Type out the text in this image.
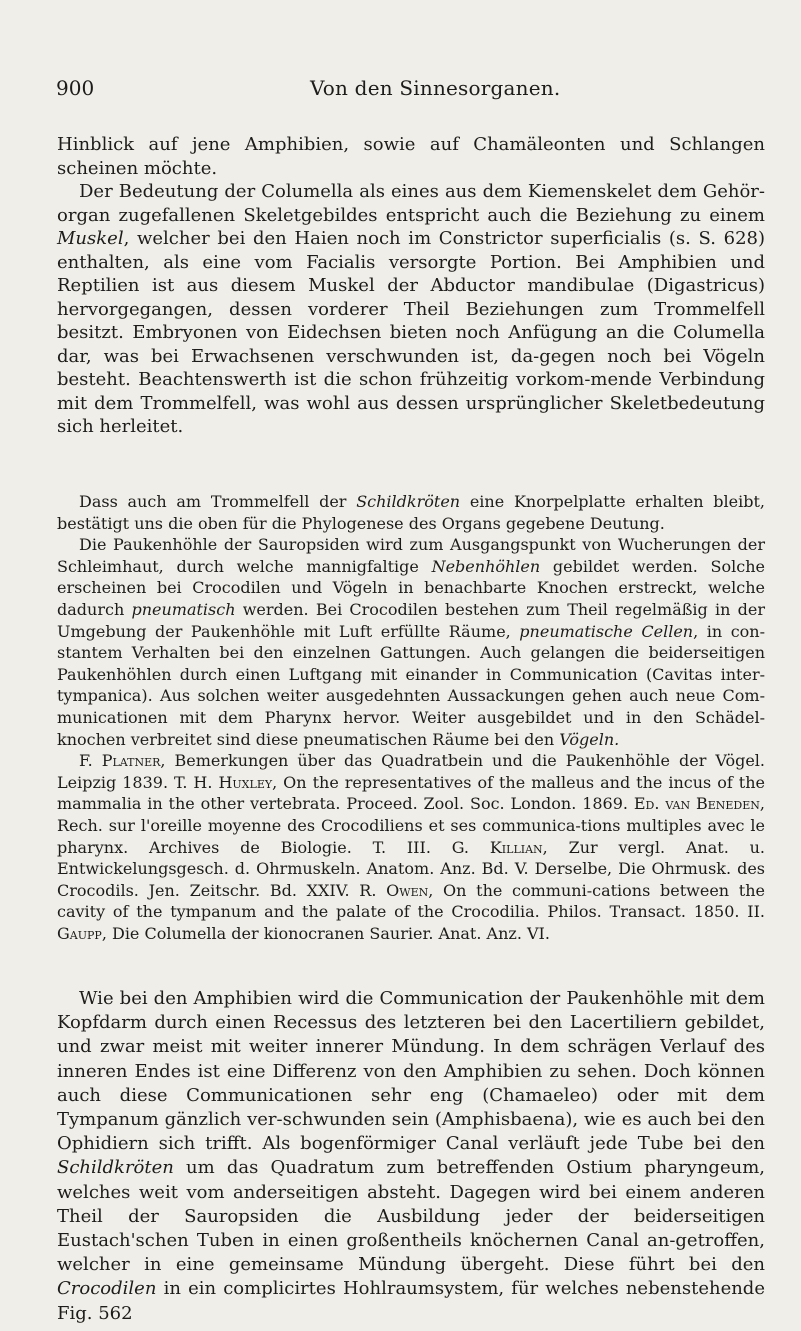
900	Von den Sinnesorganen.

Hinblick auf jene Amphibien, sowie auf Chamäleonten und Schlangen scheinen möchte.

Der Bedeutung der Columella als eines aus dem Kiemenskelet dem Gehör-organ zugefallenen Skeletgebildes entspricht auch die Beziehung zu einem Muskel, welcher bei den Haien noch im Constrictor superficialis (s. S. 628) enthalten, als eine vom Facialis versorgte Portion. Bei Amphibien und Reptilien ist aus diesem Muskel der Abductor mandibulae (Digastricus) hervorgegangen, dessen vorderer Theil Beziehungen zum Trommelfell besitzt. Embryonen von Eidechsen bieten noch Anfügung an die Columella dar, was bei Erwachsenen verschwunden ist, da-gegen noch bei Vögeln besteht. Beachtenswerth ist die schon frühzeitig vorkom-mende Verbindung mit dem Trommelfell, was wohl aus dessen ursprünglicher Skeletbedeutung sich herleitet.

Dass auch am Trommelfell der Schildkröten eine Knorpelplatte erhalten bleibt, bestätigt uns die oben für die Phylogenese des Organs gegebene Deutung.

Die Paukenhöhle der Sauropsiden wird zum Ausgangspunkt von Wucherungen der Schleimhaut, durch welche mannigfaltige Nebenhöhlen gebildet werden. Solche erscheinen bei Crocodilen und Vögeln in benachbarte Knochen erstreckt, welche dadurch pneumatisch werden. Bei Crocodilen bestehen zum Theil regelmäßig in der Umgebung der Paukenhöhle mit Luft erfüllte Räume, pneumatische Cellen, in con-stantem Verhalten bei den einzelnen Gattungen. Auch gelangen die beiderseitigen Paukenhöhlen durch einen Luftgang mit einander in Communication (Cavitas inter-tympanica). Aus solchen weiter ausgedehnten Aussackungen gehen auch neue Com-municationen mit dem Pharynx hervor. Weiter ausgebildet und in den Schädel-knochen verbreitet sind diese pneumatischen Räume bei den Vögeln.

F. Platner, Bemerkungen über das Quadratbein und die Paukenhöhle der Vögel. Leipzig 1839. T. H. Huxley, On the representatives of the malleus and the incus of the mammalia in the other vertebrata. Proceed. Zool. Soc. London. 1869. Ed. van Beneden, Rech. sur l'oreille moyenne des Crocodiliens et ses communica-tions multiples avec le pharynx. Archives de Biologie. T. III. G. Killian, Zur vergl. Anat. u. Entwickelungsgesch. d. Ohrmuskeln. Anatom. Anz. Bd. V. Derselbe, Die Ohrmusk. des Crocodils. Jen. Zeitschr. Bd. XXIV. R. Owen, On the communi-cations between the cavity of the tympanum and the palate of the Crocodilia. Philos. Transact. 1850. II. Gaupp, Die Columella der kionocranen Saurier. Anat. Anz. VI.

Wie bei den Amphibien wird die Communication der Paukenhöhle mit dem Kopfdarm durch einen Recessus des letzteren bei den Lacertiliern gebildet, und zwar meist mit weiter innerer Mündung. In dem schrägen Verlauf des inneren Endes ist eine Differenz von den Amphibien zu sehen. Doch können auch diese Communicationen sehr eng (Chamaeleo) oder mit dem Tympanum gänzlich ver-schwunden sein (Amphisbaena), wie es auch bei den Ophidiern sich trifft. Als bogenförmiger Canal verläuft jede Tube bei den Schildkröten um das Quadratum zum betreffenden Ostium pharyngeum, welches weit vom anderseitigen absteht. Dagegen wird bei einem anderen Theil der Sauropsiden die Ausbildung jeder der beiderseitigen Eustach'schen Tuben in einen großentheils knöchernen Canal an-getroffen, welcher in eine gemeinsame Mündung übergeht. Diese führt bei den Crocodilen in ein complicirtes Hohlraumsystem, für welches nebenstehende Fig. 562
